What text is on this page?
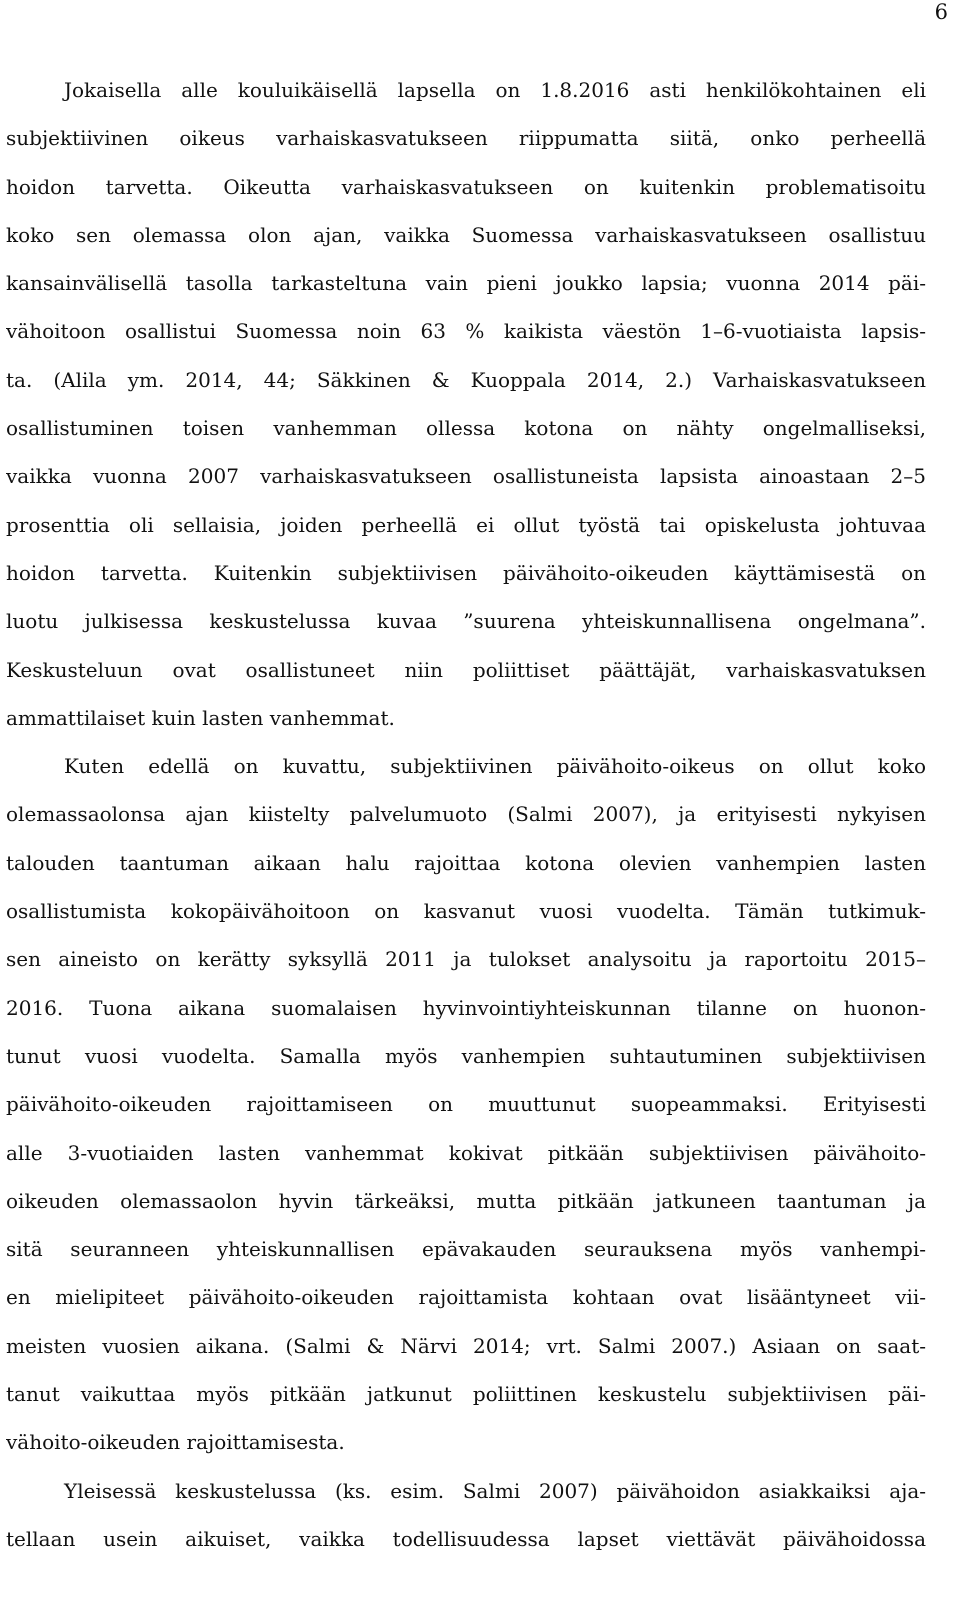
6
Jokaisella alle kouluikäisellä lapsella on 1.8.2016 asti henkilökohtainen eli
subjektiivinen oikeus varhaiskasvatukseen riippumatta siitä, onko perheellä
hoidon tarvetta. Oikeutta varhaiskasvatukseen on kuitenkin problematisoitu
koko sen olemassa olon ajan, vaikka Suomessa varhaiskasvatukseen osallistuu
kansainvälisellä tasolla tarkasteltuna vain pieni joukko lapsia; vuonna 2014 päi-
vähoitoon osallistui Suomessa noin 63 % kaikista väestön 1–6-vuotiaista lapsis-
ta. (Alila ym. 2014, 44; Säkkinen & Kuoppala 2014, 2.) Varhaiskasvatukseen
osallistuminen toisen vanhemman ollessa kotona on nähty ongelmalliseksi,
vaikka vuonna 2007 varhaiskasvatukseen osallistuneista lapsista ainoastaan 2–5
prosenttia oli sellaisia, joiden perheellä ei ollut työstä tai opiskelusta johtuvaa
hoidon tarvetta. Kuitenkin subjektiivisen päivähoito-oikeuden käyttämisestä on
luotu julkisessa keskustelussa kuvaa ”suurena yhteiskunnallisena ongelmana”.
Keskusteluun ovat osallistuneet niin poliittiset päättäjät, varhaiskasvatuksen
ammattilaiset kuin lasten vanhemmat.
Kuten edellä on kuvattu, subjektiivinen päivähoito-oikeus on ollut koko
olemassaolonsa ajan kiistelty palvelumuoto (Salmi 2007), ja erityisesti nykyisen
talouden taantuman aikaan halu rajoittaa kotona olevien vanhempien lasten
osallistumista kokopäivähoitoon on kasvanut vuosi vuodelta. Tämän tutkimuk-
sen aineisto on kerätty syksyllä 2011 ja tulokset analysoitu ja raportoitu 2015–
2016. Tuona aikana suomalaisen hyvinvointiyhteiskunnan tilanne on huonon-
tunut vuosi vuodelta. Samalla myös vanhempien suhtautuminen subjektiivisen
päivähoito-oikeuden rajoittamiseen on muuttunut suopeammaksi. Erityisesti
alle 3-vuotiaiden lasten vanhemmat kokivat pitkään subjektiivisen päivähoito-
oikeuden olemassaolon hyvin tärkeäksi, mutta pitkään jatkuneen taantuman ja
sitä seuranneen yhteiskunnallisen epävakauden seurauksena myös vanhempi-
en mielipiteet päivähoito-oikeuden rajoittamista kohtaan ovat lisääntyneet vii-
meisten vuosien aikana. (Salmi & Närvi 2014; vrt. Salmi 2007.) Asiaan on saat-
tanut vaikuttaa myös pitkään jatkunut poliittinen keskustelu subjektiivisen päi-
vähoito-oikeuden rajoittamisesta.
Yleisessä keskustelussa (ks. esim. Salmi 2007) päivähoidon asiakkaiksi aja-
tellaan usein aikuiset, vaikka todellisuudessa lapset viettävät päivähoidossa
